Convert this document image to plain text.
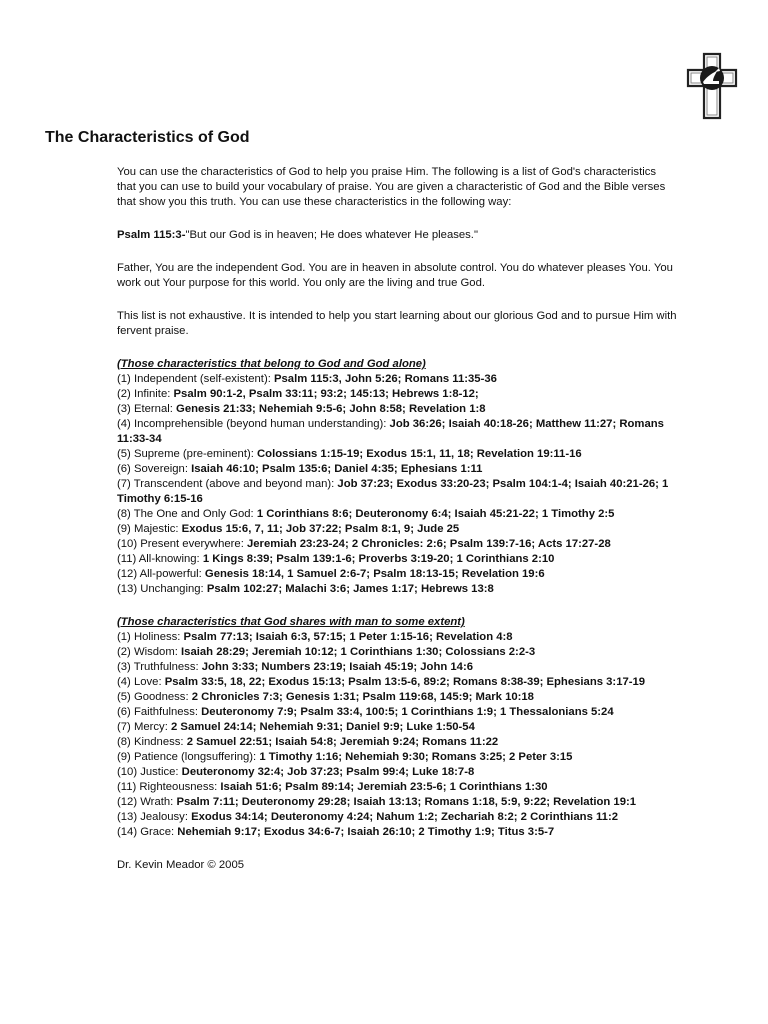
The Characteristics of God

You can use the characteristics of God to help you praise Him. The following is a list of God's characteristics that you can use to build your vocabulary of praise. You are given a characteristic of God and the Bible verses that show you this truth. You can use these characteristics in the following way:

Psalm 115:3-"But our God is in heaven; He does whatever He pleases."

Father, You are the independent God. You are in heaven in absolute control. You do whatever pleases You. You work out Your purpose for this world. You only are the living and true God.

This list is not exhaustive. It is intended to help you start learning about our glorious God and to pursue Him with fervent praise.

(Those characteristics that belong to God and God alone)

(1) Independent (self-existent): Psalm 115:3, John 5:26; Romans 11:35-36
(2) Infinite: Psalm 90:1-2, Psalm 33:11; 93:2; 145:13; Hebrews 1:8-12;
(3) Eternal: Genesis 21:33; Nehemiah 9:5-6; John 8:58; Revelation 1:8
(4) Incomprehensible (beyond human understanding): Job 36:26; Isaiah 40:18-26; Matthew 11:27; Romans 11:33-34
(5) Supreme (pre-eminent): Colossians 1:15-19; Exodus 15:1, 11, 18; Revelation 19:11-16
(6) Sovereign: Isaiah 46:10; Psalm 135:6; Daniel 4:35; Ephesians 1:11
(7) Transcendent (above and beyond man): Job 37:23; Exodus 33:20-23; Psalm 104:1-4; Isaiah 40:21-26; 1 Timothy 6:15-16
(8) The One and Only God: 1 Corinthians 8:6; Deuteronomy 6:4; Isaiah 45:21-22; 1 Timothy 2:5
(9) Majestic: Exodus 15:6, 7, 11; Job 37:22; Psalm 8:1, 9; Jude 25
(10) Present everywhere: Jeremiah 23:23-24; 2 Chronicles: 2:6; Psalm 139:7-16; Acts 17:27-28
(11) All-knowing: 1 Kings 8:39; Psalm 139:1-6; Proverbs 3:19-20; 1 Corinthians 2:10
(12) All-powerful: Genesis 18:14, 1 Samuel 2:6-7; Psalm 18:13-15; Revelation 19:6
(13) Unchanging: Psalm 102:27; Malachi 3:6; James 1:17; Hebrews 13:8

(Those characteristics that God shares with man to some extent)

(1) Holiness: Psalm 77:13; Isaiah 6:3, 57:15; 1 Peter 1:15-16; Revelation 4:8
(2) Wisdom: Isaiah 28:29; Jeremiah 10:12; 1 Corinthians 1:30; Colossians 2:2-3
(3) Truthfulness: John 3:33; Numbers 23:19; Isaiah 45:19; John 14:6
(4) Love: Psalm 33:5, 18, 22; Exodus 15:13; Psalm 13:5-6, 89:2; Romans 8:38-39; Ephesians 3:17-19
(5) Goodness: 2 Chronicles 7:3; Genesis 1:31; Psalm 119:68, 145:9; Mark 10:18
(6) Faithfulness: Deuteronomy 7:9; Psalm 33:4, 100:5; 1 Corinthians 1:9; 1 Thessalonians 5:24
(7) Mercy: 2 Samuel 24:14; Nehemiah 9:31; Daniel 9:9; Luke 1:50-54
(8) Kindness: 2 Samuel 22:51; Isaiah 54:8; Jeremiah 9:24; Romans 11:22
(9) Patience (longsuffering): 1 Timothy 1:16; Nehemiah 9:30; Romans 3:25; 2 Peter 3:15
(10) Justice: Deuteronomy 32:4; Job 37:23; Psalm 99:4; Luke 18:7-8
(11) Righteousness: Isaiah 51:6; Psalm 89:14; Jeremiah 23:5-6; 1 Corinthians 1:30
(12) Wrath: Psalm 7:11; Deuteronomy 29:28; Isaiah 13:13; Romans 1:18, 5:9, 9:22; Revelation 19:1
(13) Jealousy: Exodus 34:14; Deuteronomy 4:24; Nahum 1:2; Zechariah 8:2; 2 Corinthians 11:2
(14) Grace: Nehemiah 9:17; Exodus 34:6-7; Isaiah 26:10; 2 Timothy 1:9; Titus 3:5-7

Dr. Kevin Meador © 2005
